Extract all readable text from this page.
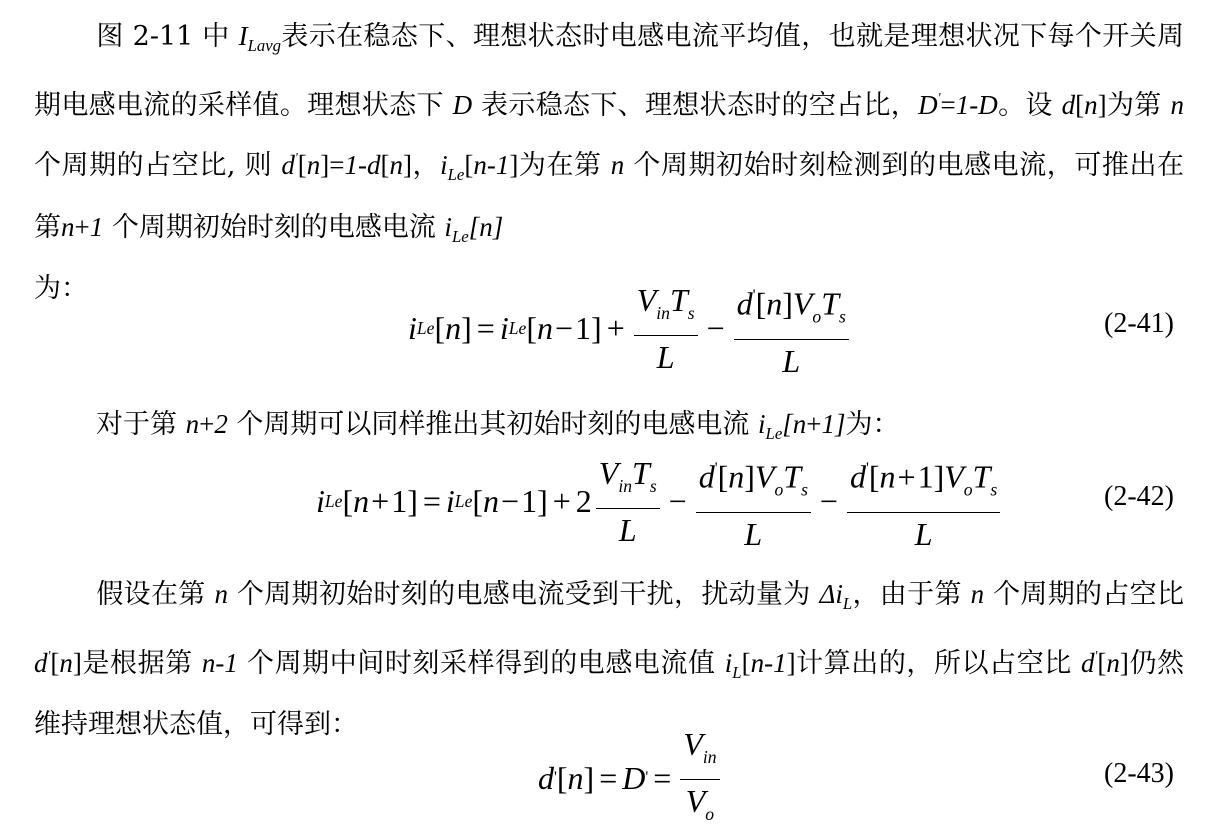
图 2-11 中 $I_{Lavg}$表示在稳态下、理想状态时电感电流平均值，也就是理想状况下每个开关周期电感电流的采样值。理想状态下 D 表示稳态下、理想状态时的空占比，D'=1-D。设 d[n]为第 n 个周期的占空比, 则 d'[n]=1-d[n]，$i_{Le}[n-1]$为在第 n 个周期初始时刻检测到的电感电流，可推出在第n+1 个周期初始时刻的电感电流 $i_{Le}[n]$
为：
i Le [ n ] = i Le [ $n - 1] + \frac{V_{in}T_s}{L} - \frac{d'[n]V_oT_s}{L}$	(2-41)
对于第 n+2 个周期可以同样推出其初始时刻的电感电流 $i_{Le}[n+1]$为：
i Le [ n + 1] = i Le [ $n - 1] + 2 \frac{V_{in}T_s}{L} - \frac{d'[n]V_oT_s}{L} - \frac{d'[n+1]V_oT_s}{L}$	(2-42)
假设在第 n 个周期初始时刻的电感电流受到干扰，扰动量为 $\Delta i_L$，由于第 n 个周期的占空比 d'[n]是根据第 n-1 个周期中间时刻采样得到的电感电流值 $i_L[n-1]$计算出的，所以占空比 d'[n]仍然维持理想状态值，可得到：
d ' [ n ] = D ' = $\frac{V_{in}}{V_o}$	(2-43)
